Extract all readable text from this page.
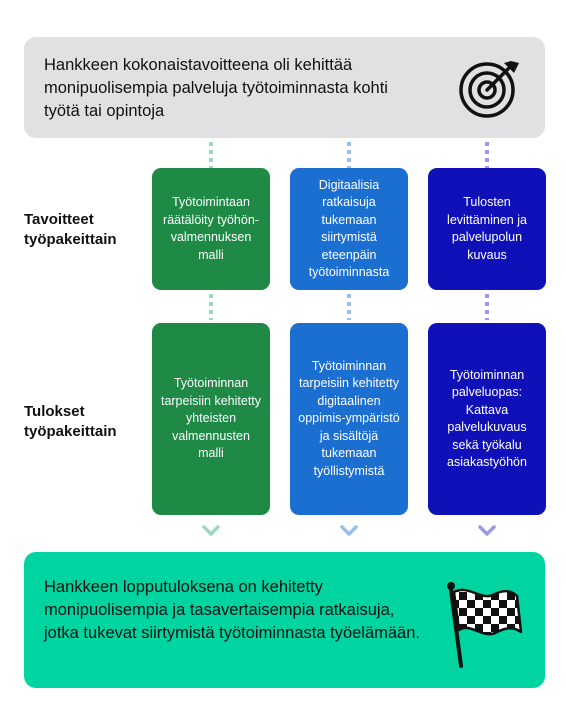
Hankkeen kokonaistavoitteena oli kehittää monipuolisempia palveluja työtoiminnasta kohti työtä tai opintoja
Tavoitteet työpakeittain
Tulokset työpakeittain
Työtoimintaan räätälöity työhön-valmennuksen malli
Digitaalisia ratkaisuja tukemaan siirtymistä eteenpäin työtoiminnasta
Tulosten levittäminen ja palvelupolun kuvaus
Työtoiminnan tarpeisiin kehitetty yhteisten valmennusten malli
Työtoiminnan tarpeisiin kehitetty digitaalinen oppimis-ympäristö ja sisältöjä tukemaan työllistymistä
Työtoiminnan palveluopas: Kattava palvelukuvaus sekä työkalu asiakastyöhön
Hankkeen lopputuloksena on kehitetty monipuolisempia ja tasavertaisempia ratkaisuja, jotka tukevat siirtymistä työtoiminnasta työelämään.
